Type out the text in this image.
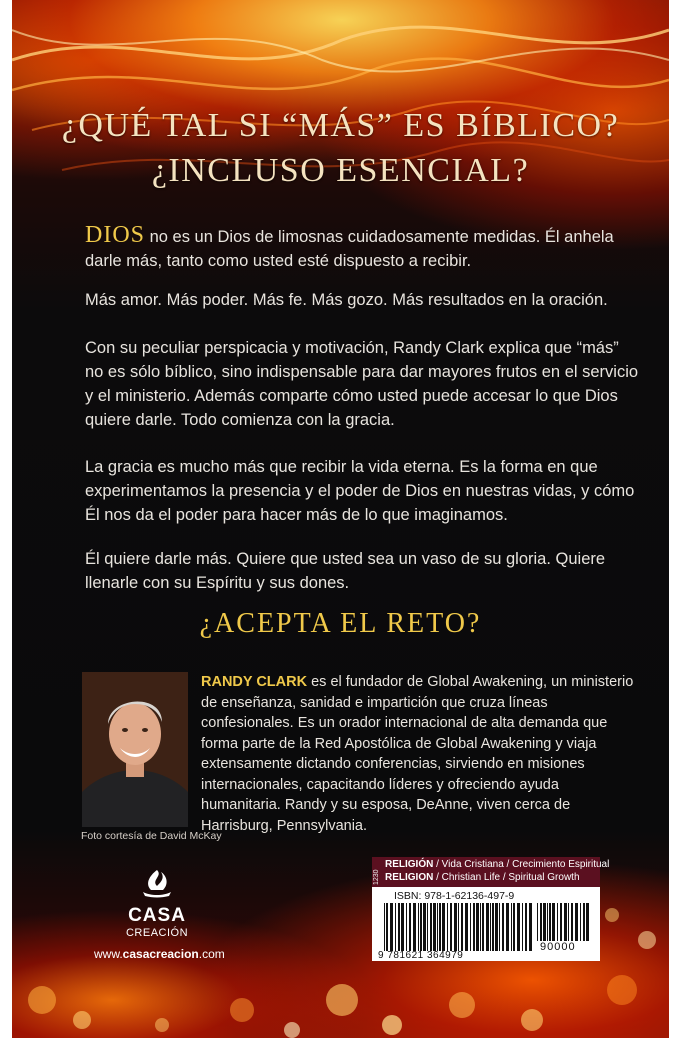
¿QUÉ TAL SI “MÁS” ES BÍBLICO?
¿INCLUSO ESENCIAL?

DIOS no es un Dios de limosnas cuidadosamente medidas. Él anhela darle más, tanto como usted esté dispuesto a recibir.

Más amor. Más poder. Más fe. Más gozo. Más resultados en la oración.

Con su peculiar perspicacia y motivación, Randy Clark explica que “más” no es sólo bíblico, sino indispensable para dar mayores frutos en el servicio y el ministerio. Además comparte cómo usted puede accesar lo que Dios quiere darle. Todo comienza con la gracia.

La gracia es mucho más que recibir la vida eterna. Es la forma en que experimentamos la presencia y el poder de Dios en nuestras vidas, y cómo Él nos da el poder para hacer más de lo que imaginamos.

Él quiere darle más. Quiere que usted sea un vaso de su gloria. Quiere llenarle con su Espíritu y sus dones.

¿ACEPTA EL RETO?
Foto cortesía de David McKay

RANDY CLARK es el fundador de Global Awakening, un ministerio de enseñanza, sanidad e impartición que cruza líneas confesionales. Es un orador internacional de alta demanda que forma parte de la Red Apostólica de Global Awakening y viaja extensamente dictando conferencias, sirviendo en misiones internacionales, capacitando líderes y ofreciendo ayuda humanitaria. Randy y su esposa, DeAnne, viven cerca de Harrisburg, Pennsylvania.

CASA
CREACIÓN
www.casacreacion.com
1230
RELIGIÓN / Vida Cristiana / Crecimiento Espiritual
RELIGION / Christian Life / Spiritual Growth
ISBN: 978-1-62136-497-9
90000
9 781621 364979
